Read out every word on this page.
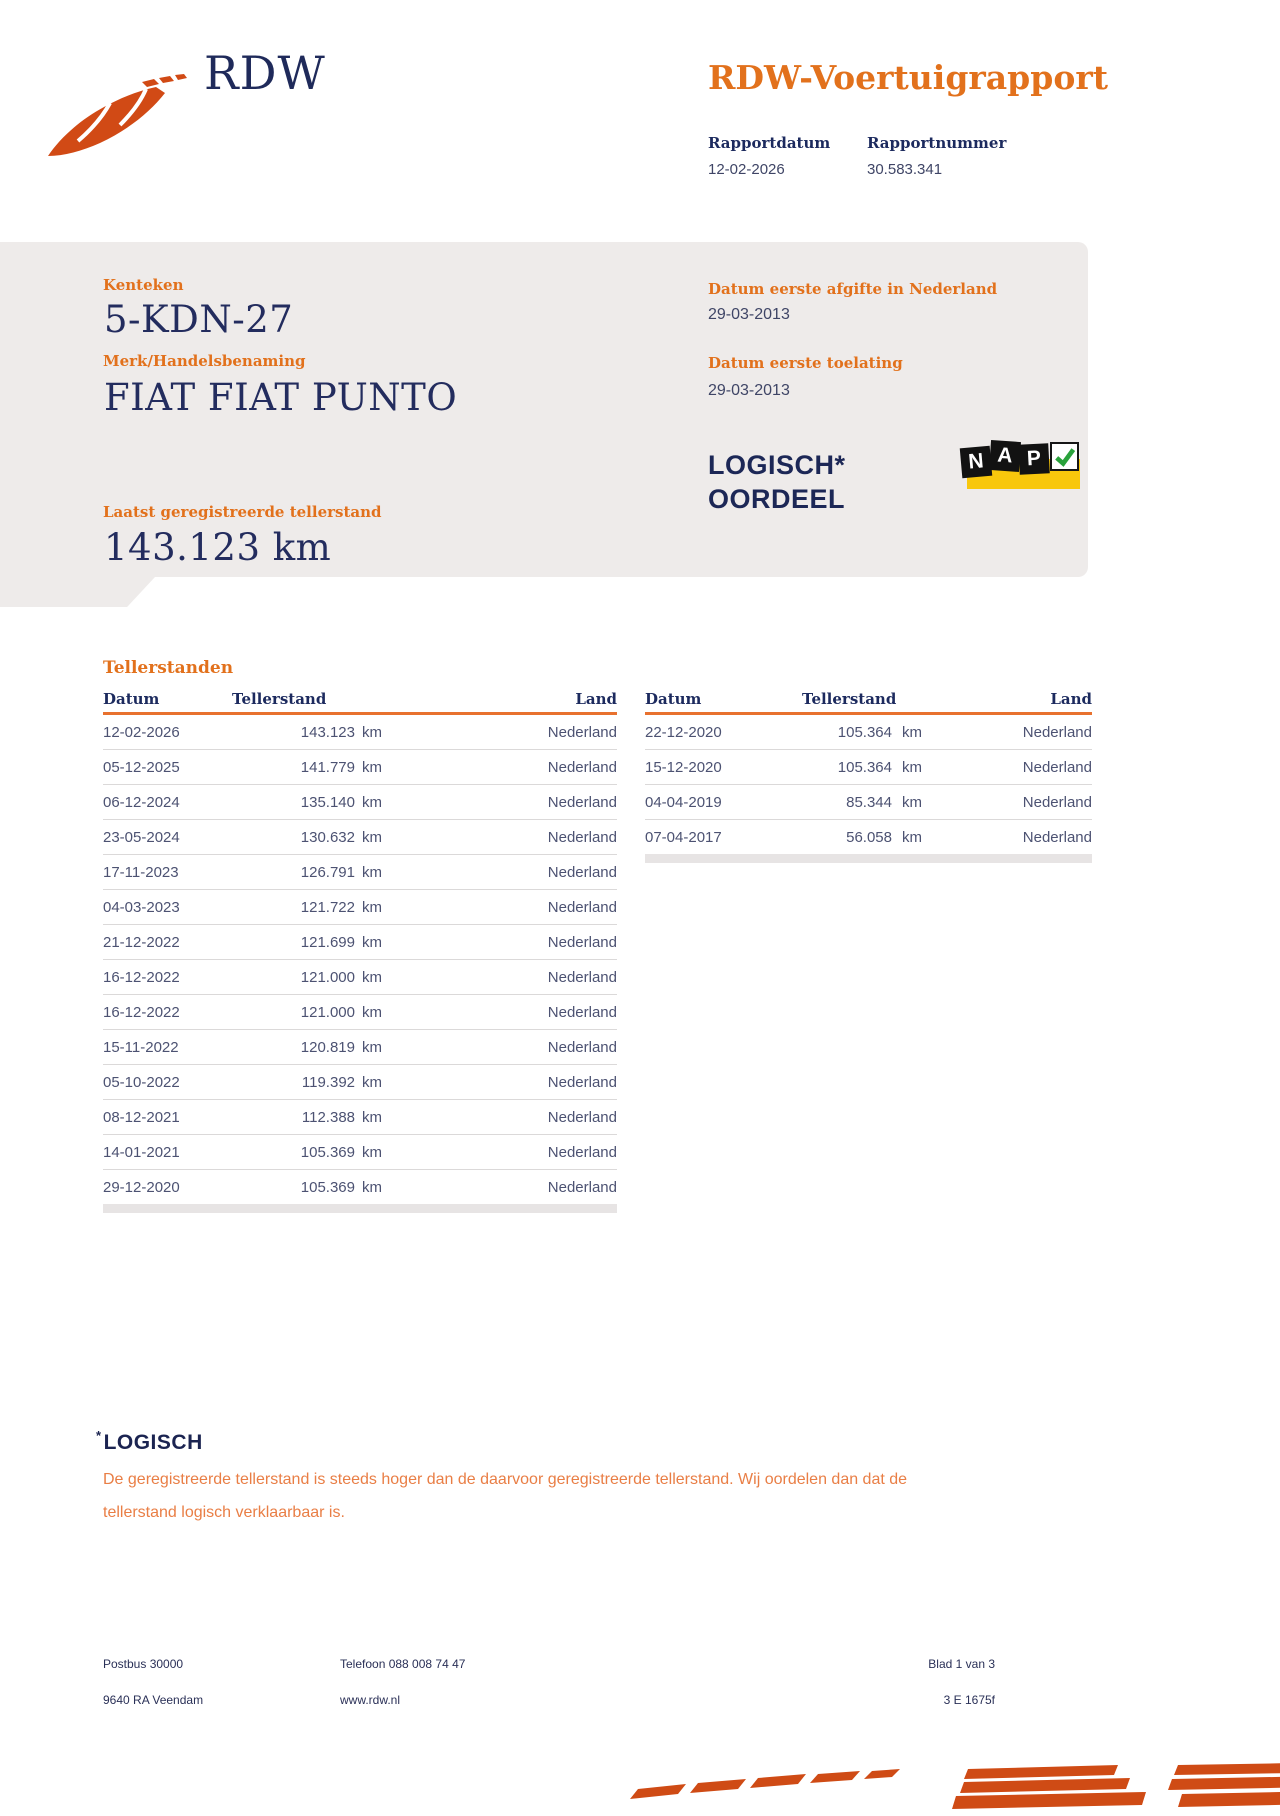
RDW	RDW-Voertuigrapport
Rapportdatum
12-02-2026
Rapportnummer
30.583.341
Kenteken
5-KDN-27
Merk/Handelsbenaming
FIAT FIAT PUNTO
Laatst geregistreerde tellerstand
143.123 km
Datum eerste afgifte in Nederland
29-03-2013
Datum eerste toelating
29-03-2013
LOGISCH*
OORDEEL
N A P
Tellerstanden
Datum	Tellerstand	Land
12-02-2026	143.123 km	Nederland
05-12-2025	141.779 km	Nederland
06-12-2024	135.140 km	Nederland
23-05-2024	130.632 km	Nederland
17-11-2023	126.791 km	Nederland
04-03-2023	121.722 km	Nederland
21-12-2022	121.699 km	Nederland
16-12-2022	121.000 km	Nederland
16-12-2022	121.000 km	Nederland
15-11-2022	120.819 km	Nederland
05-10-2022	119.392 km	Nederland
08-12-2021	112.388 km	Nederland
14-01-2021	105.369 km	Nederland
29-12-2020	105.369 km	Nederland
Datum	Tellerstand	Land
22-12-2020	105.364 km	Nederland
15-12-2020	105.364 km	Nederland
04-04-2019	85.344 km	Nederland
07-04-2017	56.058 km	Nederland
*LOGISCH
De geregistreerde tellerstand is steeds hoger dan de daarvoor geregistreerde tellerstand. Wij oordelen dan dat de tellerstand logisch verklaarbaar is.
Postbus 30000
9640 RA Veendam
Telefoon 088 008 74 47
www.rdw.nl
Blad 1 van 3
3 E 1675f
